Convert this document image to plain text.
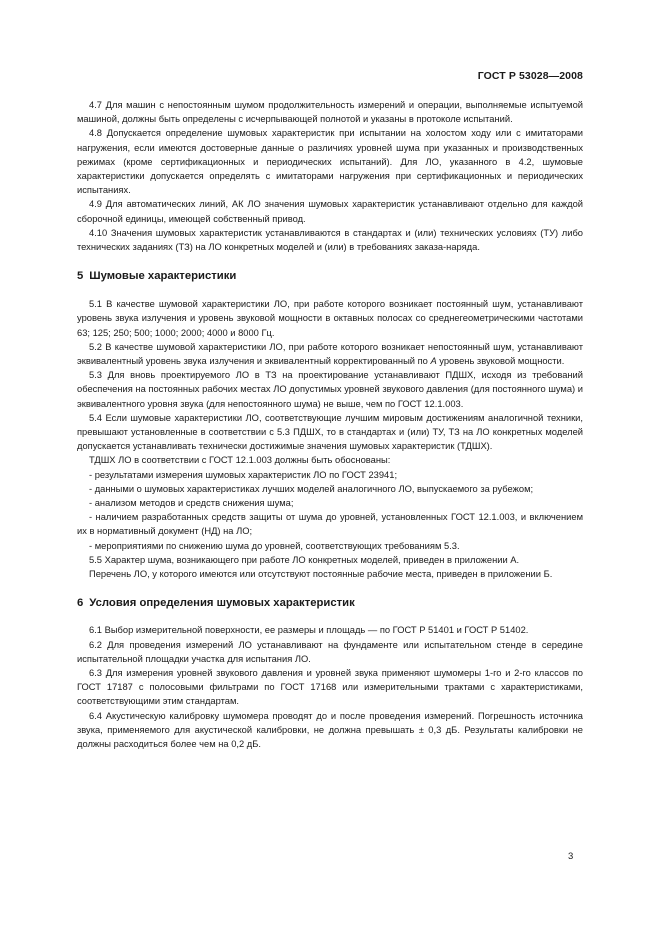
ГОСТ Р 53028—2008

4.7 Для машин с непостоянным шумом продолжительность измерений и операции, выполняемые испытуемой машиной, должны быть определены с исчерпывающей полнотой и указаны в протоколе испытаний.

4.8 Допускается определение шумовых характеристик при испытании на холостом ходу или с имитаторами нагружения, если имеются достоверные данные о различиях уровней шума при указанных и производственных режимах (кроме сертификационных и периодических испытаний). Для ЛО, указанного в 4.2, шумовые характеристики допускается определять с имитаторами нагружения при сертификационных и периодических испытаниях.

4.9 Для автоматических линий, АК ЛО значения шумовых характеристик устанавливают отдельно для каждой сборочной единицы, имеющей собственный привод.

4.10 Значения шумовых характеристик устанавливаются в стандартах и (или) технических условиях (ТУ) либо технических заданиях (ТЗ) на ЛО конкретных моделей и (или) в требованиях заказа-наряда.

5 Шумовые характеристики

5.1 В качестве шумовой характеристики ЛО, при работе которого возникает постоянный шум, устанавливают уровень звука излучения и уровень звуковой мощности в октавных полосах со среднегеометрическими частотами 63; 125; 250; 500; 1000; 2000; 4000 и 8000 Гц.

5.2 В качестве шумовой характеристики ЛО, при работе которого возникает непостоянный шум, устанавливают эквивалентный уровень звука излучения и эквивалентный корректированный по А уровень звуковой мощности.

5.3 Для вновь проектируемого ЛО в ТЗ на проектирование устанавливают ПДШХ, исходя из требований обеспечения на постоянных рабочих местах ЛО допустимых уровней звукового давления (для постоянного шума) и эквивалентного уровня звука (для непостоянного шума) не выше, чем по ГОСТ 12.1.003.

5.4 Если шумовые характеристики ЛО, соответствующие лучшим мировым достижениям аналогичной техники, превышают установленные в соответствии с 5.3 ПДШХ, то в стандартах и (или) ТУ, ТЗ на ЛО конкретных моделей допускается устанавливать технически достижимые значения шумовых характеристик (ТДШХ).

ТДШХ ЛО в соответствии с ГОСТ 12.1.003 должны быть обоснованы:

- результатами измерения шумовых характеристик ЛО по ГОСТ 23941;

- данными о шумовых характеристиках лучших моделей аналогичного ЛО, выпускаемого за рубежом;

- анализом методов и средств снижения шума;

- наличием разработанных средств защиты от шума до уровней, установленных ГОСТ 12.1.003, и включением их в нормативный документ (НД) на ЛО;

- мероприятиями по снижению шума до уровней, соответствующих требованиям 5.3.

5.5 Характер шума, возникающего при работе ЛО конкретных моделей, приведен в приложении А.

Перечень ЛО, у которого имеются или отсутствуют постоянные рабочие места, приведен в приложении Б.

6 Условия определения шумовых характеристик

6.1 Выбор измерительной поверхности, ее размеры и площадь — по ГОСТ Р 51401 и ГОСТ Р 51402.

6.2 Для проведения измерений ЛО устанавливают на фундаменте или испытательном стенде в середине испытательной площадки участка для испытания ЛО.

6.3 Для измерения уровней звукового давления и уровней звука применяют шумомеры 1-го и 2-го классов по ГОСТ 17187 с полосовыми фильтрами по ГОСТ 17168 или измерительными трактами с характеристиками, соответствующими этим стандартам.

6.4 Акустическую калибровку шумомера проводят до и после проведения измерений. Погрешность источника звука, применяемого для акустической калибровки, не должна превышать ± 0,3 дБ. Результаты калибровки не должны расходиться более чем на 0,2 дБ.

3
